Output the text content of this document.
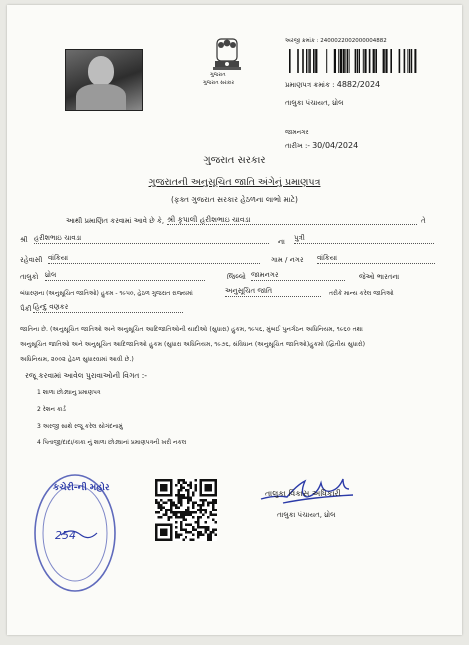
ગુજરાત
ગુજરાત સરકાર
અરજી ક્રમાંક : 2400022002000004882
પ્રમાણપત્ર ક્રમાંક : 4882/2024
તાલુકા પંચાયત, ધ્રોલ
જામનગર
તારીખ :- 30/04/2024
ગુજરાત સરકાર
ગુજરાતની અનુસૂચિત જાતિ અંગેનું પ્રમાણપત્ર
(ફક્ત ગુજરાત સરકાર હેઠળના લાભો માટે)
આથી પ્રમાણિત કરવામાં આવે છે કે, શ્રી કૃપાલી હરીશભાઇ ચાવડા	તે
શ્રી હરીશભાઇ ચાવડા	ના પુત્રી
રહેવાસી વાંકિયા	ગામ / નગર વાંકિયા
તાલુકો ધ્રોલ	જિલ્લો જામનગર	જેઓ ભારતના
બંધારણના (અનુસૂચિત જાતિઓ) હુકમ - ૧૯૫૦, હેઠળ ગુજરાત રાજ્યમાં	અનુસૂચિત જાતિ	તરીકે માન્ય કરેલ જાતિઓ
પૈકી હિન્દુ વણકર
જાતિના છે. (અનુસૂચિત જાતિઓ અને અનુસૂચિત આદિજાતિઓની યાદીઓ (સુધારા) હુકમ, ૧૯૫૬, મુંબઈ પુનર્ગઠન અધિનિયમ, ૧૯૬૦ તથા
અનુસૂચિત જાતિઓ અને અનુસૂચિત આદિજાતિઓ હુકમ (સુધારા અધિનિયમ, ૧૯૭૬, સંવિધાન (અનુસૂચિત જાતિઓ)હુકમો (દ્વિતીય સુધારો)
અધિનિયમ, ૨૦૦૨ હેઠળ સુધારવામાં આવી છે.)
રજૂ કરવામાં આવેલ પુરાવાઓની વિગત :-
1 શાળા છોડ્યાનુ પ્રમાણપત્ર
2 રેશન કાર્ડ
3 અરજી સાથે રજૂ કરેલ સોગંદનામું
4 પિતાજી/દાદા/કાકા નું શાળા છોડ્યાનાં પ્રમાણપત્રની ખરી નકલ
કચેરી-ની મહોર
254
તાલુકા વિકાસ અધિકારી
તાલુકા પંચાયત, ધ્રોલ
